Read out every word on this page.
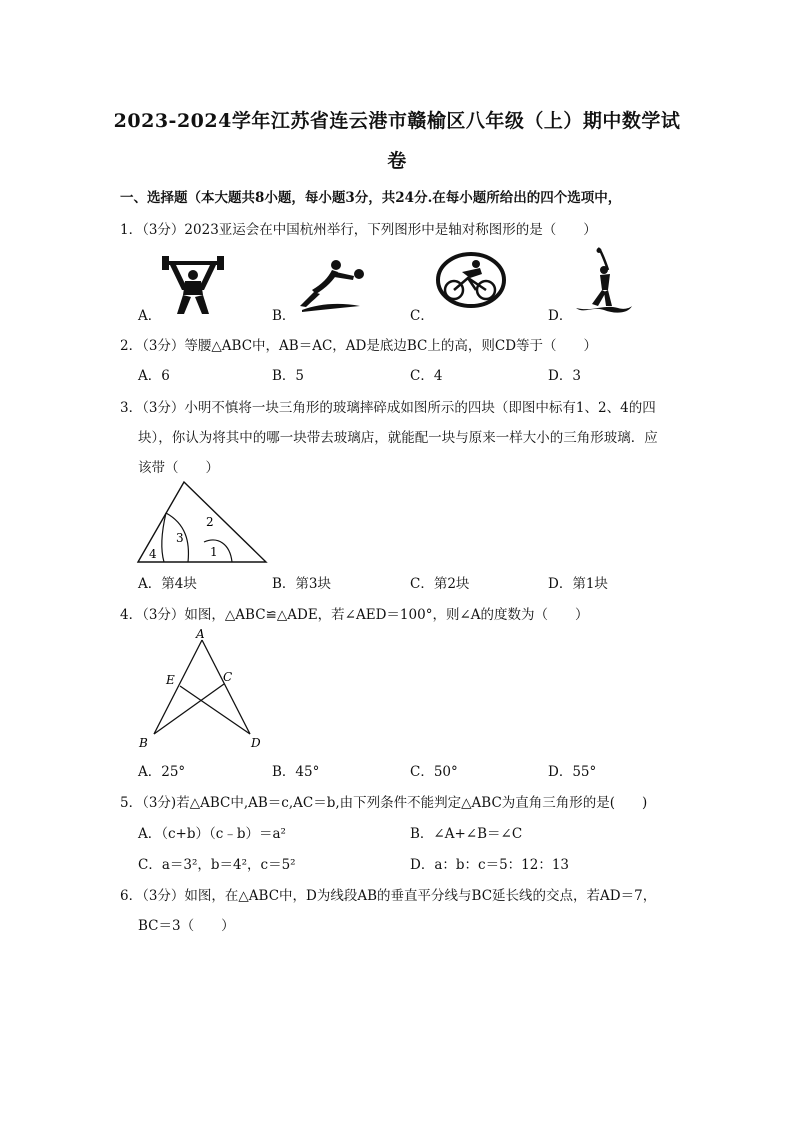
2023-2024学年江苏省连云港市赣榆区八年级（上）期中数学试
卷
一、选择题（本大题共8小题，每小题3分，共24分.在每小题所给出的四个选项中，
1．（3分）2023亚运会在中国杭州举行，下列图形中是轴对称图形的是（　　）
A．	B．	C．	D．
2．（3分）等腰△ABC中，AB＝AC，AD是底边BC上的高，则CD等于（　　）
A．6	B．5	C．4	D．3
3．（3分）小明不慎将一块三角形的玻璃摔碎成如图所示的四块（即图中标有1、2、4的四
块），你认为将其中的哪一块带去玻璃店，就能配一块与原来一样大小的三角形玻璃．应
该带（　　）
4
3
2
1
A．第4块	B．第3块	C．第2块	D．第1块
4．（3分）如图，△ABC≌△ADE，若∠AED＝100°，则∠A的度数为（　　）
A
E	C
B	D
A．25°	B．45°	C．50°	D．55°
5．（3分)若△ABC中,AB＝c,AC＝b,由下列条件不能判定△ABC为直角三角形的是(　　)
A．（c+b）（c﹣b）＝a²	B．∠A+∠B＝∠C
C．a＝3²，b＝4²，c＝5²	D．a：b：c＝5：12：13
6．（3分）如图，在△ABC中，D为线段AB的垂直平分线与BC延长线的交点，若AD＝7，
BC＝3（　　）
